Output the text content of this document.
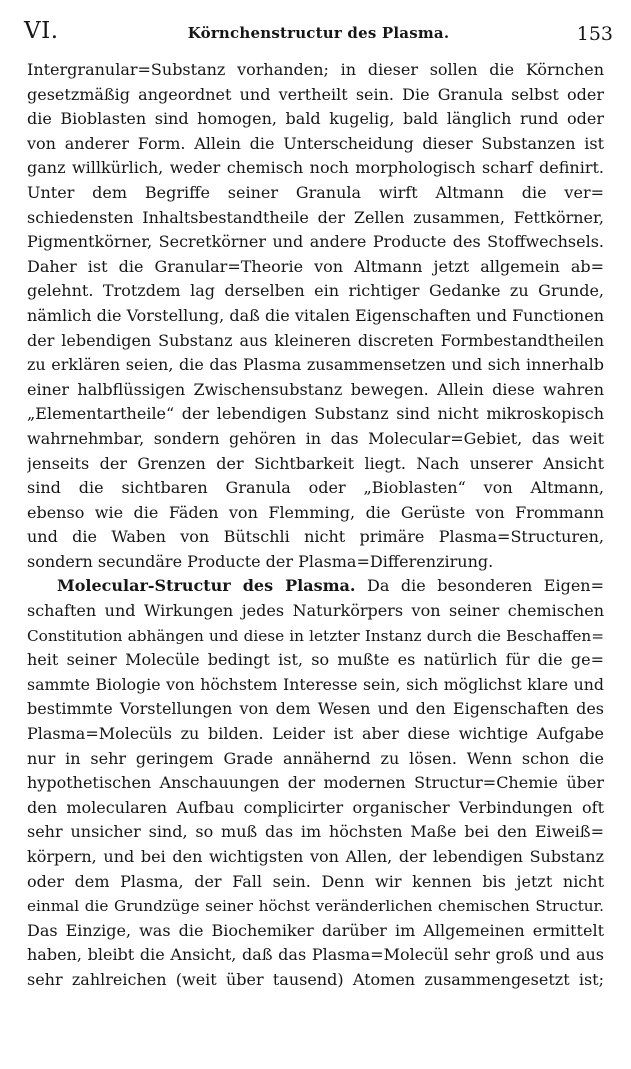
VI.	Körnchenstructur des Plasma.	153
Intergranular=Substanz vorhanden; in dieser sollen die Körnchen
gesetzmäßig angeordnet und vertheilt sein. Die Granula selbst oder
die Bioblasten sind homogen, bald kugelig, bald länglich rund oder
von anderer Form. Allein die Unterscheidung dieser Substanzen ist
ganz willkürlich, weder chemisch noch morphologisch scharf definirt.
Unter dem Begriffe seiner Granula wirft Altmann die ver=
schiedensten Inhaltsbestandtheile der Zellen zusammen, Fettkörner,
Pigmentkörner, Secretkörner und andere Producte des Stoffwechsels.
Daher ist die Granular=Theorie von Altmann jetzt allgemein ab=
gelehnt. Trotzdem lag derselben ein richtiger Gedanke zu Grunde,
nämlich die Vorstellung, daß die vitalen Eigenschaften und Functionen
der lebendigen Substanz aus kleineren discreten Formbestandtheilen
zu erklären seien, die das Plasma zusammensetzen und sich innerhalb
einer halbflüssigen Zwischensubstanz bewegen. Allein diese wahren
„Elementartheile“ der lebendigen Substanz sind nicht mikroskopisch
wahrnehmbar, sondern gehören in das Molecular=Gebiet, das weit
jenseits der Grenzen der Sichtbarkeit liegt. Nach unserer Ansicht
sind die sichtbaren Granula oder „Bioblasten“ von Altmann,
ebenso wie die Fäden von Flemming, die Gerüste von Frommann
und die Waben von Bütschli nicht primäre Plasma=Structuren,
sondern secundäre Producte der Plasma=Differenzirung.
Molecular-Structur des Plasma. Da die besonderen Eigen=
schaften und Wirkungen jedes Naturkörpers von seiner chemischen
Constitution abhängen und diese in letzter Instanz durch die Beschaffen=
heit seiner Molecüle bedingt ist, so mußte es natürlich für die ge=
sammte Biologie von höchstem Interesse sein, sich möglichst klare und
bestimmte Vorstellungen von dem Wesen und den Eigenschaften des
Plasma=Molecüls zu bilden. Leider ist aber diese wichtige Aufgabe
nur in sehr geringem Grade annähernd zu lösen. Wenn schon die
hypothetischen Anschauungen der modernen Structur=Chemie über
den molecularen Aufbau complicirter organischer Verbindungen oft
sehr unsicher sind, so muß das im höchsten Maße bei den Eiweiß=
körpern, und bei den wichtigsten von Allen, der lebendigen Substanz
oder dem Plasma, der Fall sein. Denn wir kennen bis jetzt nicht
einmal die Grundzüge seiner höchst veränderlichen chemischen Structur.
Das Einzige, was die Biochemiker darüber im Allgemeinen ermittelt
haben, bleibt die Ansicht, daß das Plasma=Molecül sehr groß und aus
sehr zahlreichen (weit über tausend) Atomen zusammengesetzt ist;
